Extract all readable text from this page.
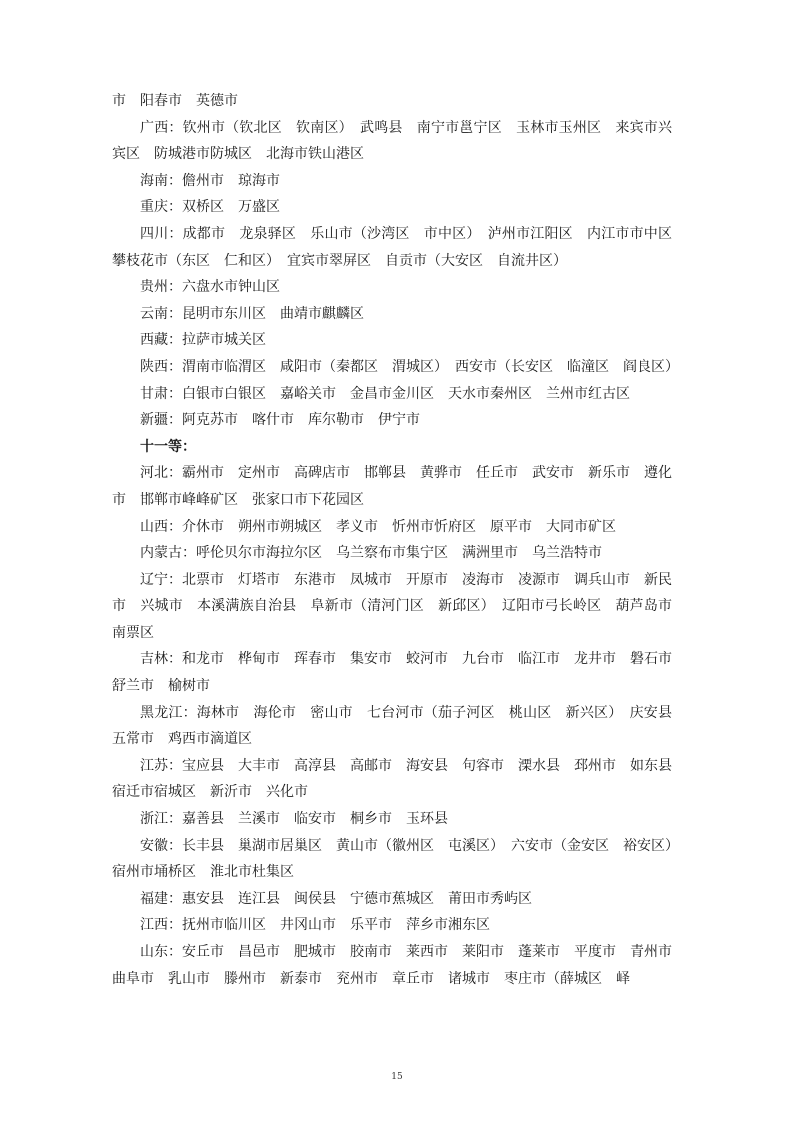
市　阳春市　英德市

广西：钦州市（钦北区　钦南区）　武鸣县　南宁市邕宁区　玉林市玉州区　来宾市兴宾区　防城港市防城区　北海市铁山港区

海南：儋州市　琼海市

重庆：双桥区　万盛区

四川：成都市　龙泉驿区　乐山市（沙湾区　市中区）　泸州市江阳区　内江市市中区　攀枝花市（东区　仁和区）　宜宾市翠屏区　自贡市（大安区　自流井区）

贵州：六盘水市钟山区

云南：昆明市东川区　曲靖市麒麟区

西藏：拉萨市城关区

陕西：渭南市临渭区　咸阳市（秦都区　渭城区）　西安市（长安区　临潼区　阎良区）

甘肃：白银市白银区　嘉峪关市　金昌市金川区　天水市秦州区　兰州市红古区

新疆：阿克苏市　喀什市　库尔勒市　伊宁市

十一等：

河北：霸州市　定州市　高碑店市　邯郸县　黄骅市　任丘市　武安市　新乐市　遵化市　邯郸市峰峰矿区　张家口市下花园区

山西：介休市　朔州市朔城区　孝义市　忻州市忻府区　原平市　大同市矿区

内蒙古：呼伦贝尔市海拉尔区　乌兰察布市集宁区　满洲里市　乌兰浩特市

辽宁：北票市　灯塔市　东港市　凤城市　开原市　凌海市　凌源市　调兵山市　新民市　兴城市　本溪满族自治县　阜新市（清河门区　新邱区）　辽阳市弓长岭区　葫芦岛市南票区

吉林：和龙市　桦甸市　珲春市　集安市　蛟河市　九台市　临江市　龙井市　磐石市　舒兰市　榆树市

黑龙江：海林市　海伦市　密山市　七台河市（茄子河区　桃山区　新兴区）　庆安县　五常市　鸡西市滴道区

江苏：宝应县　大丰市　高淳县　高邮市　海安县　句容市　溧水县　邳州市　如东县　宿迁市宿城区　新沂市　兴化市

浙江：嘉善县　兰溪市　临安市　桐乡市　玉环县

安徽：长丰县　巢湖市居巢区　黄山市（徽州区　屯溪区）　六安市（金安区　裕安区）　宿州市埇桥区　淮北市杜集区

福建：惠安县　连江县　闽侯县　宁德市蕉城区　莆田市秀屿区

江西：抚州市临川区　井冈山市　乐平市　萍乡市湘东区

山东：安丘市　昌邑市　肥城市　胶南市　莱西市　莱阳市　蓬莱市　平度市　青州市　曲阜市　乳山市　滕州市　新泰市　兖州市　章丘市　诸城市　枣庄市（薛城区　峄

15
